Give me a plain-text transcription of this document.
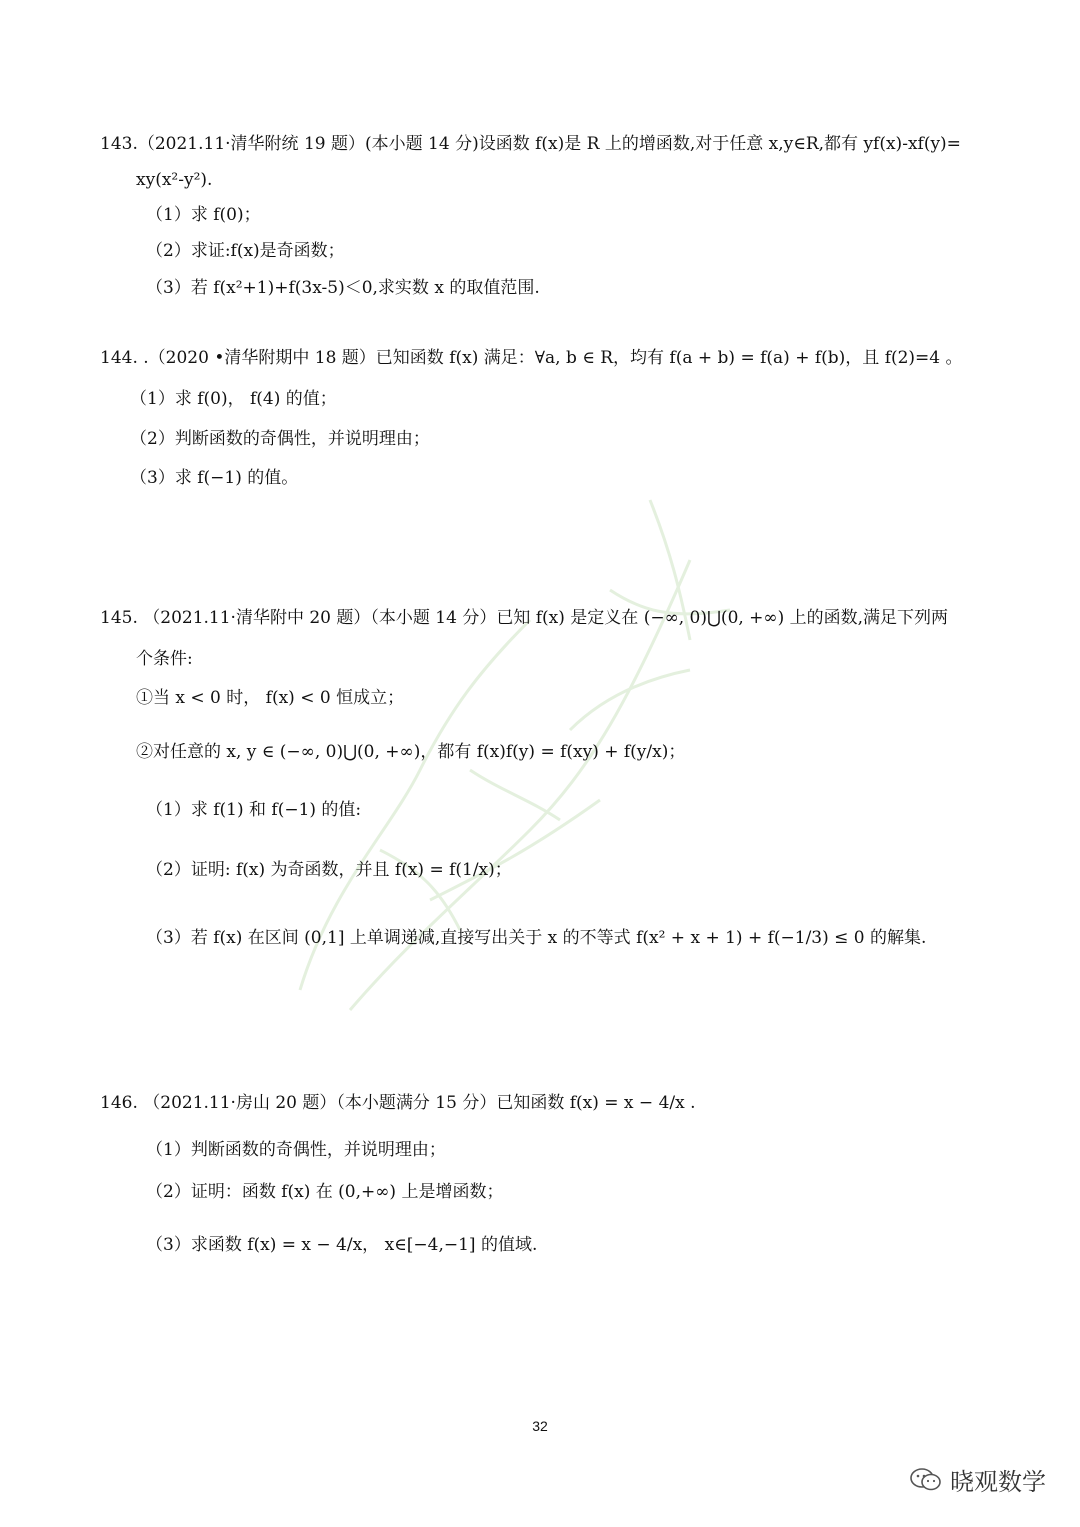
143.（2021.11·清华附统 19 题）(本小题 14 分)设函数 f(x)是 R 上的增函数,对于任意 x,y∈R,都有 yf(x)-xf(y)=
xy(x²-y²).
（1）求 f(0)；
（2）求证:f(x)是奇函数；
（3）若 f(x²+1)+f(3x-5)＜0,求实数 x 的取值范围.
144. .（2020 •清华附期中 18 题）已知函数 f(x) 满足：∀a, b ∈ R，均有 f(a + b) = f(a) + f(b)，且 f(2)=4 。
（1）求 f(0)， f(4) 的值；
（2）判断函数的奇偶性，并说明理由；
（3）求 f(−1) 的值。
145. （2021.11·清华附中 20 题）（本小题 14 分）已知 f(x) 是定义在 (−∞, 0)⋃(0, +∞) 上的函数,满足下列两
个条件:
①当 x < 0 时， f(x) < 0 恒成立；
②对任意的 x, y ∈ (−∞, 0)⋃(0, +∞)，都有 f(x)f(y) = f(xy) + f(y/x)；
（1）求 f(1) 和 f(−1) 的值:
（2）证明: f(x) 为奇函数，并且 f(x) = f(1/x)；
（3）若 f(x) 在区间 (0,1] 上单调递减,直接写出关于 x 的不等式 f(x² + x + 1) + f(−1/3) ≤ 0 的解集.
146. （2021.11·房山 20 题）（本小题满分 15 分）已知函数 f(x) = x − 4/x .
（1）判断函数的奇偶性，并说明理由；
（2）证明：函数 f(x) 在 (0,+∞) 上是增函数；
（3）求函数 f(x) = x − 4/x， x∈[−4,−1] 的值域.
32
晓观数学
